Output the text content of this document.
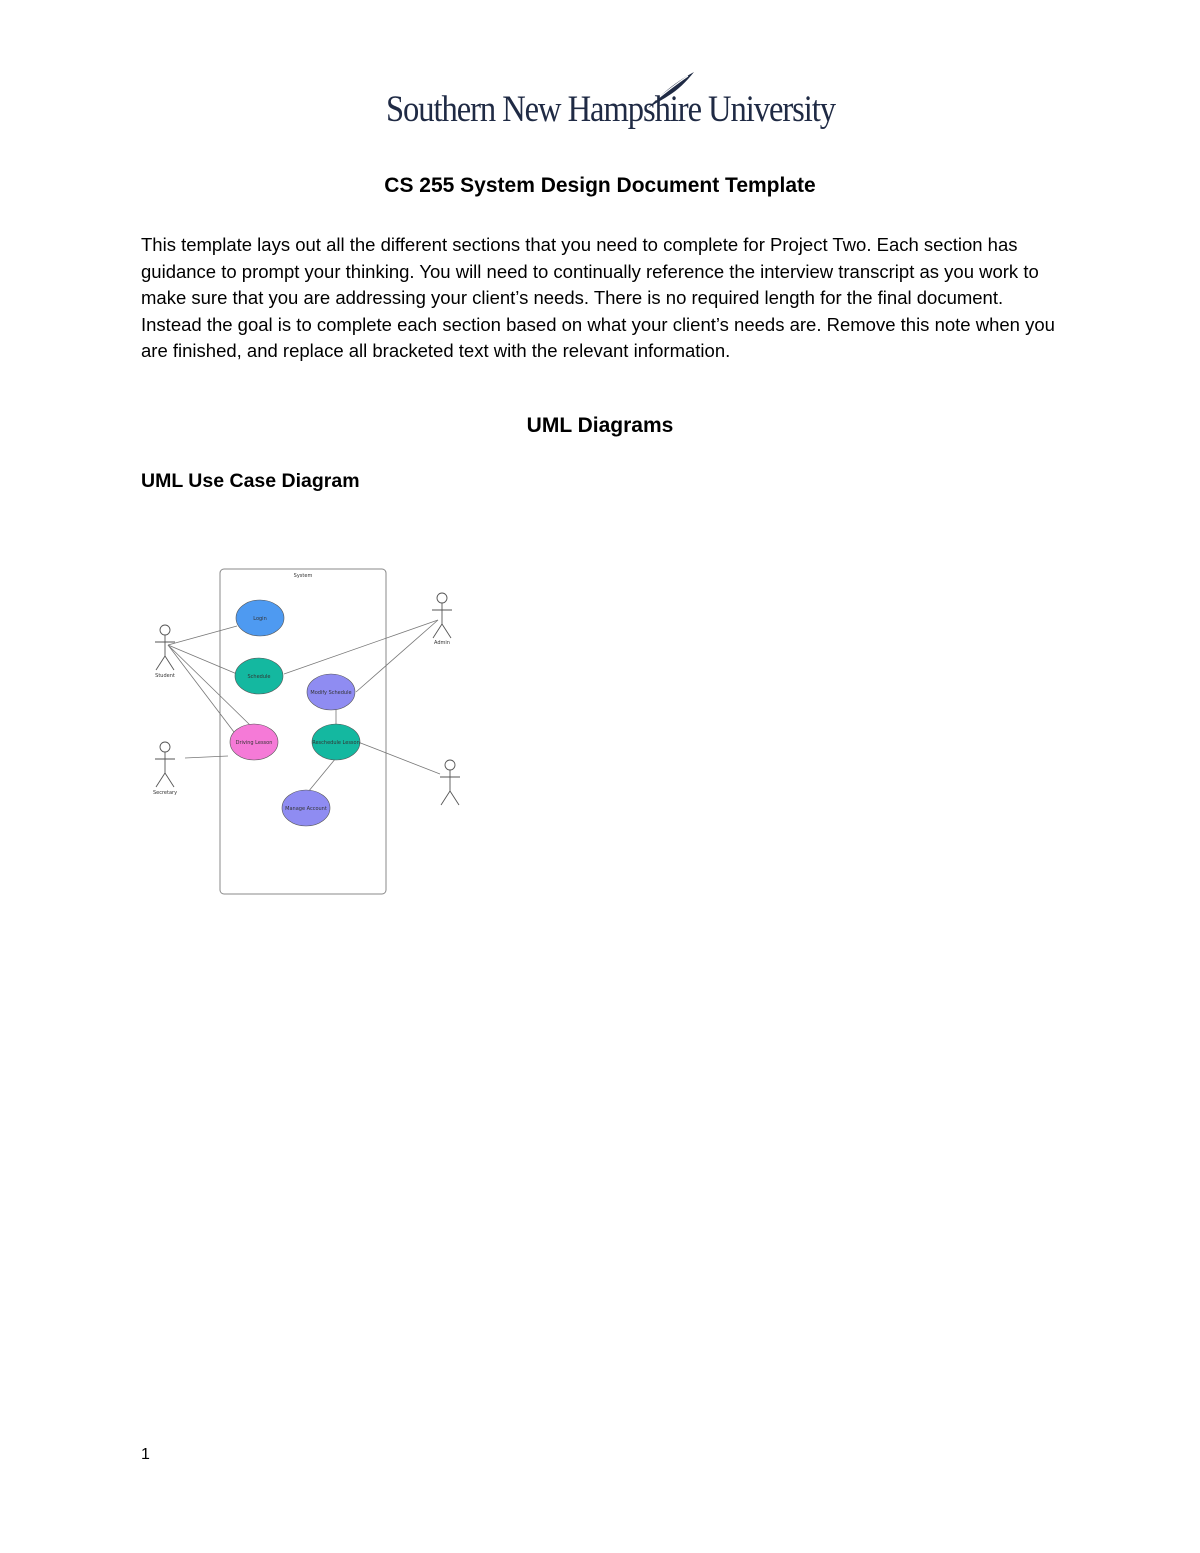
Southern New Hampshire University
CS 255 System Design Document Template
This template lays out all the different sections that you need to complete for Project Two. Each section has guidance to prompt your thinking. You will need to continually reference the interview transcript as you work to make sure that you are addressing your client’s needs. There is no required length for the final document. Instead the goal is to complete each section based on what your client’s needs are. Remove this note when you are finished, and replace all bracketed text with the relevant information.
UML Diagrams
UML Use Case Diagram
System
Login
Schedule
Modify Schedule
Driving Lesson	Reschedule Lesson
Manage Account
Student
Secretary
Admin
1
